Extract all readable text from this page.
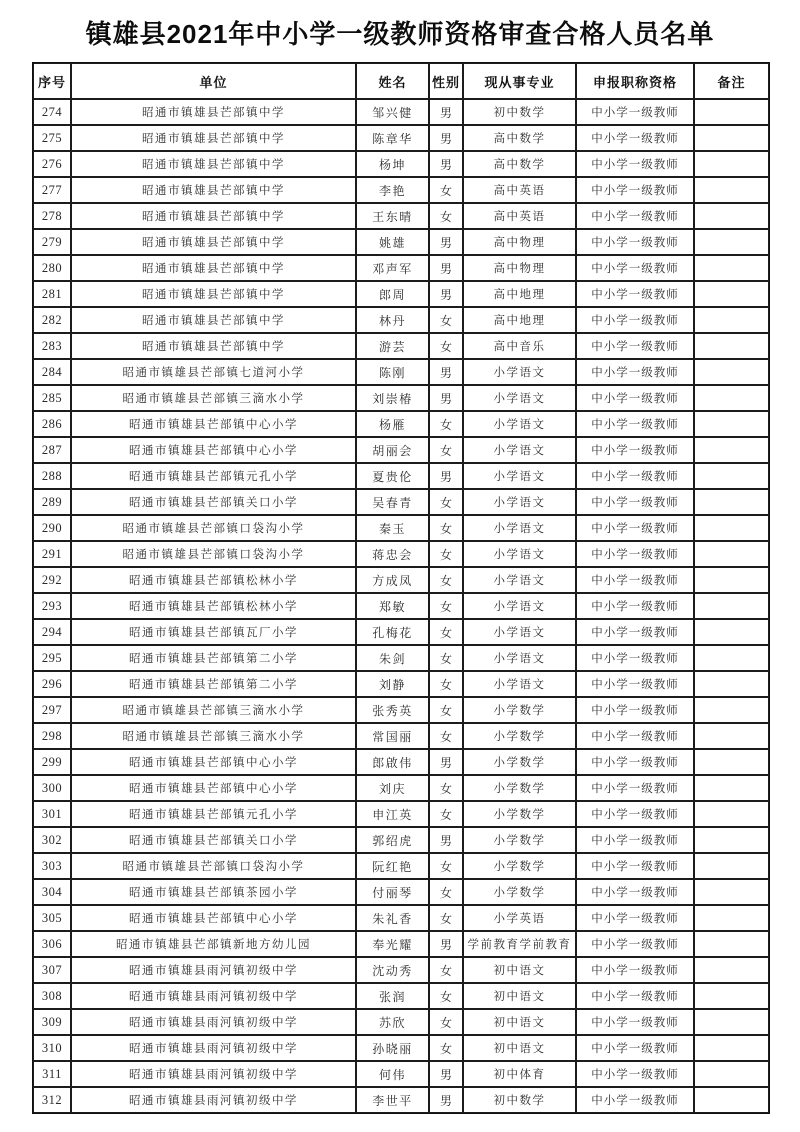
镇雄县2021年中小学一级教师资格审查合格人员名单
序号	单位	姓名	性别	现从事专业	申报职称资格	备注
274	昭通市镇雄县芒部镇中学	邹兴健	男	初中数学	中小学一级教师	
275	昭通市镇雄县芒部镇中学	陈章华	男	高中数学	中小学一级教师	
276	昭通市镇雄县芒部镇中学	杨坤	男	高中数学	中小学一级教师	
277	昭通市镇雄县芒部镇中学	李艳	女	高中英语	中小学一级教师	
278	昭通市镇雄县芒部镇中学	王东晴	女	高中英语	中小学一级教师	
279	昭通市镇雄县芒部镇中学	姚雄	男	高中物理	中小学一级教师	
280	昭通市镇雄县芒部镇中学	邓声军	男	高中物理	中小学一级教师	
281	昭通市镇雄县芒部镇中学	郎周	男	高中地理	中小学一级教师	
282	昭通市镇雄县芒部镇中学	林丹	女	高中地理	中小学一级教师	
283	昭通市镇雄县芒部镇中学	游芸	女	高中音乐	中小学一级教师	
284	昭通市镇雄县芒部镇七道河小学	陈刚	男	小学语文	中小学一级教师	
285	昭通市镇雄县芒部镇三滴水小学	刘崇椿	男	小学语文	中小学一级教师	
286	昭通市镇雄县芒部镇中心小学	杨雁	女	小学语文	中小学一级教师	
287	昭通市镇雄县芒部镇中心小学	胡丽会	女	小学语文	中小学一级教师	
288	昭通市镇雄县芒部镇元孔小学	夏贵伦	男	小学语文	中小学一级教师	
289	昭通市镇雄县芒部镇关口小学	吴春青	女	小学语文	中小学一级教师	
290	昭通市镇雄县芒部镇口袋沟小学	秦玉	女	小学语文	中小学一级教师	
291	昭通市镇雄县芒部镇口袋沟小学	蒋忠会	女	小学语文	中小学一级教师	
292	昭通市镇雄县芒部镇松林小学	方成凤	女	小学语文	中小学一级教师	
293	昭通市镇雄县芒部镇松林小学	郑敏	女	小学语文	中小学一级教师	
294	昭通市镇雄县芒部镇瓦厂小学	孔梅花	女	小学语文	中小学一级教师	
295	昭通市镇雄县芒部镇第二小学	朱剑	女	小学语文	中小学一级教师	
296	昭通市镇雄县芒部镇第二小学	刘静	女	小学语文	中小学一级教师	
297	昭通市镇雄县芒部镇三滴水小学	张秀英	女	小学数学	中小学一级教师	
298	昭通市镇雄县芒部镇三滴水小学	常国丽	女	小学数学	中小学一级教师	
299	昭通市镇雄县芒部镇中心小学	郎啟伟	男	小学数学	中小学一级教师	
300	昭通市镇雄县芒部镇中心小学	刘庆	女	小学数学	中小学一级教师	
301	昭通市镇雄县芒部镇元孔小学	申江英	女	小学数学	中小学一级教师	
302	昭通市镇雄县芒部镇关口小学	郭绍虎	男	小学数学	中小学一级教师	
303	昭通市镇雄县芒部镇口袋沟小学	阮红艳	女	小学数学	中小学一级教师	
304	昭通市镇雄县芒部镇茶园小学	付丽琴	女	小学数学	中小学一级教师	
305	昭通市镇雄县芒部镇中心小学	朱礼香	女	小学英语	中小学一级教师	
306	昭通市镇雄县芒部镇新地方幼儿园	奉光耀	男	学前教育学前教育	中小学一级教师	
307	昭通市镇雄县雨河镇初级中学	沈动秀	女	初中语文	中小学一级教师	
308	昭通市镇雄县雨河镇初级中学	张润	女	初中语文	中小学一级教师	
309	昭通市镇雄县雨河镇初级中学	苏欣	女	初中语文	中小学一级教师	
310	昭通市镇雄县雨河镇初级中学	孙晓丽	女	初中语文	中小学一级教师	
311	昭通市镇雄县雨河镇初级中学	何伟	男	初中体育	中小学一级教师	
312	昭通市镇雄县雨河镇初级中学	李世平	男	初中数学	中小学一级教师	
